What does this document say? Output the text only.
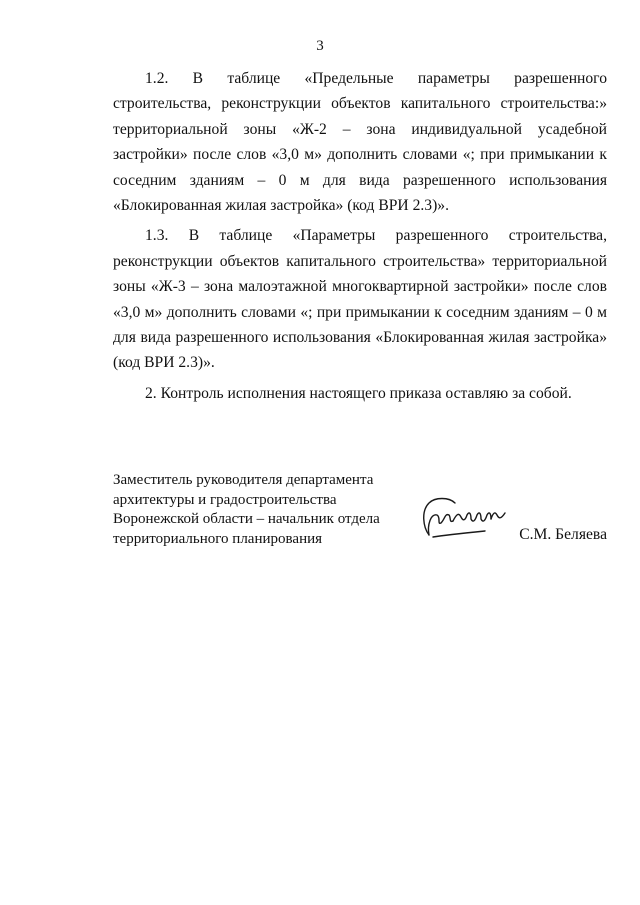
3

1.2. В таблице «Предельные параметры разрешенного строительства, реконструкции объектов капитального строительства:» территориальной зоны «Ж-2 – зона индивидуальной усадебной застройки» после слов «3,0 м» дополнить словами «; при примыкании к соседним зданиям – 0 м для вида разрешенного использования «Блокированная жилая застройка» (код ВРИ 2.3)».

1.3. В таблице «Параметры разрешенного строительства, реконструкции объектов капитального строительства» территориальной зоны «Ж-3 – зона малоэтажной многоквартирной застройки» после слов «3,0 м» дополнить словами «; при примыкании к соседним зданиям – 0 м для вида разрешенного использования «Блокированная жилая застройка» (код ВРИ 2.3)».

2. Контроль исполнения настоящего приказа оставляю за собой.

Заместитель руководителя департамента
архитектуры и градостроительства
Воронежской области – начальник отдела
территориального планирования	С.М. Беляева
